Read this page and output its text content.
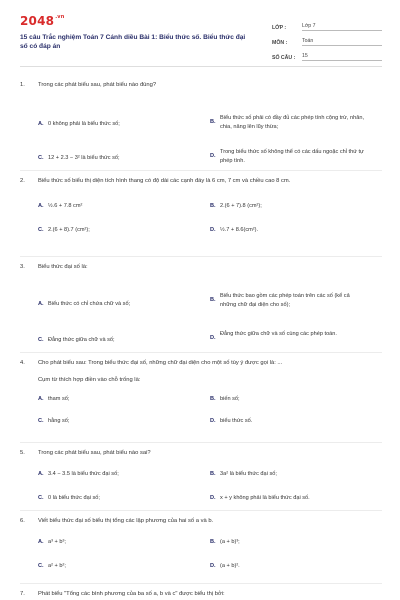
$2048^{.vn}$
15 câu Trắc nghiệm Toán 7 Cánh diều Bài 1: Biểu thức số. Biểu thức đại số có đáp án
LỚP :	Lớp 7
MÔN :	Toán
SỐ CÂU :	15
1. Trong các phát biểu sau, phát biểu nào đúng?
A. 0 không phải là biểu thức số;	B.
Biểu thức số phải có đầy đủ các phép tính cộng trừ, nhân, chia, nâng lên lũy thừa;
C. 12 + 2.3 − 3² là biểu thức số;	D.
Trong biểu thức số không thể có các dấu ngoặc chỉ thứ tự phép tính.
2. Biểu thức số biểu thị diện tích hình thang có độ dài các cạnh đáy là 6 cm, 7 cm và chiều cao 8 cm.
A. ½.6 + 7.8 cm²	B. 2.(6 + 7).8 (cm²);
C. 2.(6 + 8).7 (cm²);	D. ½.7 + 8.6(cm²).
3. Biểu thức đại số là:
A. Biểu thức có chỉ chứa chữ và số;
B.
Biểu thức bao gồm các phép toán trên các số (kể cả những chữ đại diện cho số);
C. Đẳng thức giữa chữ và số;	D.
Đẳng thức giữa chữ và số cùng các phép toán.
4. Cho phát biểu sau: Trong biểu thức đại số, những chữ đại diện cho một số tùy ý được gọi là: ...
Cụm từ thích hợp điền vào chỗ trống là:
A. tham số;	B. biến số;
C. hằng số;	D. biểu thức số.
5. Trong các phát biểu sau, phát biểu nào sai?
A. 3.4 − 3.5 là biểu thức đại số;	B. 3a² là biểu thức đại số;
C. 0 là biểu thức đại số;	D. x + y không phải là biểu thức đại số.
6. Viết biểu thức đại số biểu thị tổng các lập phương của hai số a và b.
A. a³ + b³;	B. (a + b)³;
C. a² + b²;	D. (a + b)².
7. Phát biểu "Tổng các bình phương của ba số a, b và c" được biểu thị bởi:
